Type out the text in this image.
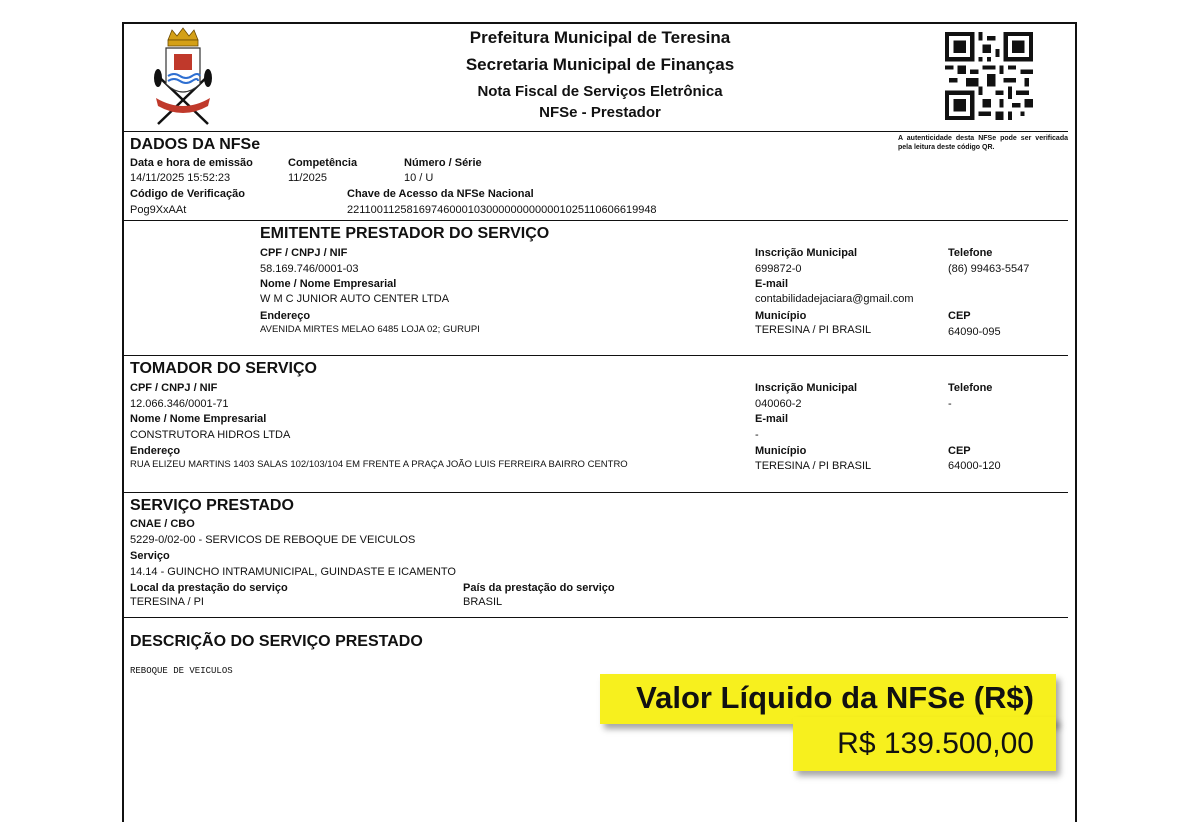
Prefeitura Municipal de Teresina
Secretaria Municipal de Finanças
Nota Fiscal de Serviços Eletrônica
NFSe - Prestador
DADOS DA NFSe	A autenticidade desta NFSe pode ser verificada pela leitura deste código QR.
Data e hora de emissão
14/11/2025 15:52:23
Competência
11/2025
Número / Série
10 / U
Código de Verificação
Pog9XxAAt
Chave de Acesso da NFSe Nacional
221100112581697460001030000000000001025110606619948
EMITENTE PRESTADOR DO SERVIÇO
CPF / CNPJ / NIF
58.169.746/0001-03
Nome / Nome Empresarial
W M C JUNIOR AUTO CENTER LTDA
Endereço
AVENIDA MIRTES MELAO 6485 LOJA 02; GURUPI
Inscrição Municipal
699872-0
E-mail
contabilidadejaciara@gmail.com
Município
TERESINA / PI BRASIL
Telefone
(86) 99463-5547
CEP
64090-095
TOMADOR DO SERVIÇO
CPF / CNPJ / NIF
12.066.346/0001-71
Nome / Nome Empresarial
CONSTRUTORA HIDROS LTDA
Endereço
RUA ELIZEU MARTINS 1403 SALAS 102/103/104 EM FRENTE A PRAÇA JOÃO LUIS FERREIRA BAIRRO CENTRO
Inscrição Municipal
040060-2
E-mail
-
Município
TERESINA / PI BRASIL
Telefone
-
CEP
64000-120
SERVIÇO PRESTADO
CNAE / CBO
5229-0/02-00 - SERVICOS DE REBOQUE DE VEICULOS
Serviço
14.14 - GUINCHO INTRAMUNICIPAL, GUINDASTE E ICAMENTO
Local da prestação do serviço
TERESINA / PI
País da prestação do serviço
BRASIL
DESCRIÇÃO DO SERVIÇO PRESTADO
REBOQUE DE VEICULOS
Valor Líquido da NFSe (R$)
R$ 139.500,00
